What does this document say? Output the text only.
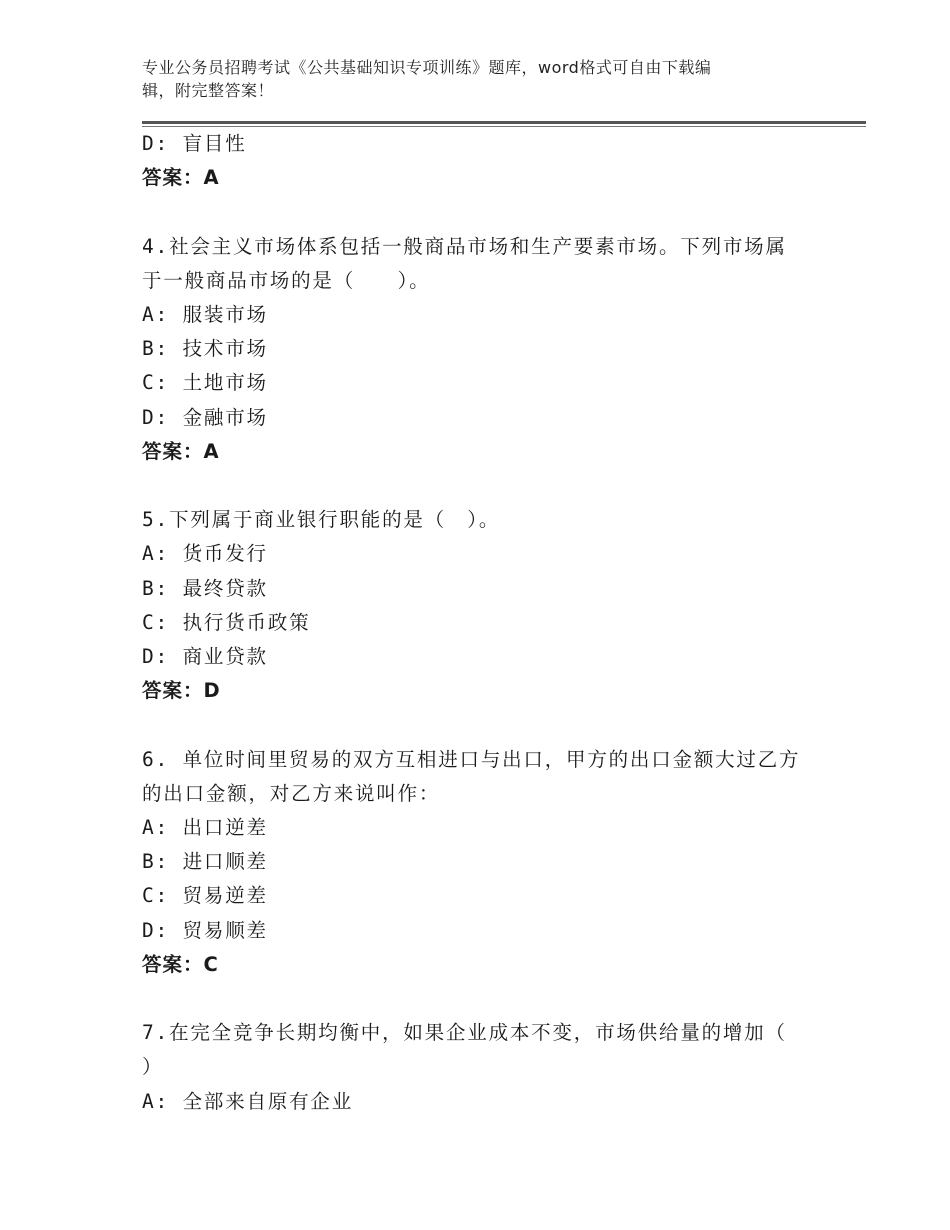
专业公务员招聘考试《公共基础知识专项训练》题库，word格式可自由下载编
辑，附完整答案！
D: 盲目性
答案：A
4.社会主义市场体系包括一般商品市场和生产要素市场。下列市场属
于一般商品市场的是（　　）。
A: 服装市场
B: 技术市场
C: 土地市场
D: 金融市场
答案：A
5.下列属于商业银行职能的是（　）。
A: 货币发行
B: 最终贷款
C: 执行货币政策
D: 商业贷款
答案：D
6. 单位时间里贸易的双方互相进口与出口，甲方的出口金额大过乙方
的出口金额，对乙方来说叫作：
A: 出口逆差
B: 进口顺差
C: 贸易逆差
D: 贸易顺差
答案：C
7.在完全竞争长期均衡中，如果企业成本不变，市场供给量的增加（
）
A: 全部来自原有企业
